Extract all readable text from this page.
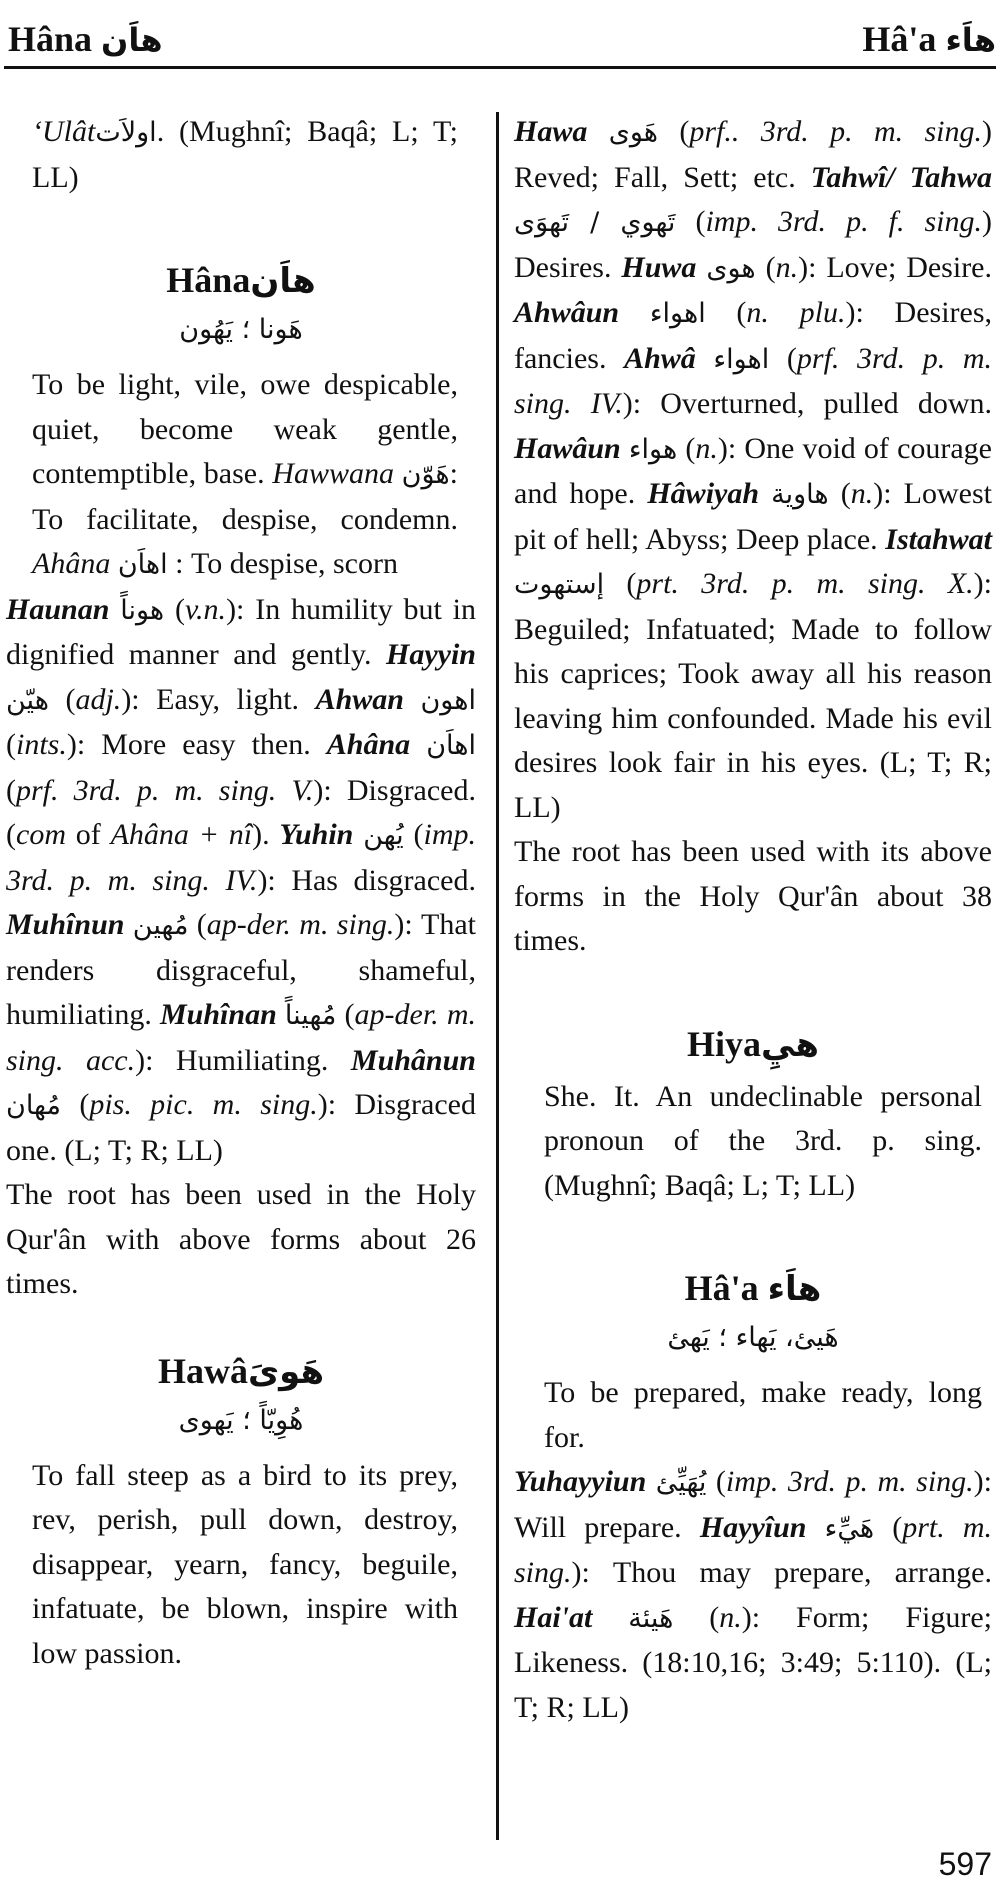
Hâna هاَن	Hâ'a هاَء

‘Ulâtاولاَت. (Mughnî; Baqâ; L; T; LL)

Hânaهاَن

هَونا ؛ يَهُون

To be light, vile, owe despicable, quiet, become weak gentle, contemptible, base. Hawwana هَوّن: To facilitate, despise, condemn. Ahâna اهاَن : To despise, scorn

Haunan هوناً (v.n.): In humility but in dignified manner and gently. Hayyin هيّن (adj.): Easy, light. Ahwan اهون (ints.): More easy then. Ahâna اهاَن (prf. 3rd. p. m. sing. V.): Disgraced. (com of Ahâna + nî). Yuhin يُهن (imp. 3rd. p. m. sing. IV.): Has disgraced. Muhînun مُهين (ap-der. m. sing.): That renders disgraceful, shameful, humiliating. Muhînan مُهيناً (ap-der. m. sing. acc.): Humiliating. Muhânun مُهان (pis. pic. m. sing.): Disgraced one. (L; T; R; LL)

The root has been used in the Holy Qur'ân with above forms about 26 times.

Hawâهَوىَ

هُوِيّاً ؛ يَهوى

To fall steep as a bird to its prey, rev, perish, pull down, destroy, disappear, yearn, fancy, beguile, infatuate, be blown, inspire with low passion.

Hawa هَوى (prf.. 3rd. p. m. sing.) Reved; Fall, Sett; etc. Tahwî/ Tahwa تَهوي / تَهوَى (imp. 3rd. p. f. sing.) Desires. Huwa هوى (n.): Love; Desire. Ahwâun اهواء (n. plu.): Desires, fancies. Ahwâ اهواء (prf. 3rd. p. m. sing. IV.): Overturned, pulled down. Hawâun هواء (n.): One void of courage and hope. Hâwiyah هاوية (n.): Lowest pit of hell; Abyss; Deep place. Istahwat إستهوت (prt. 3rd. p. m. sing. X.): Beguiled; Infatuated; Made to follow his caprices; Took away all his reason leaving him confounded. Made his evil desires look fair in his eyes. (L; T; R; LL)

The root has been used with its above forms in the Holy Qur'ân about 38 times.

Hiyaهيِ

She. It. An undeclinable personal pronoun of the 3rd. p. sing. (Mughnî; Baqâ; L; T; LL)

Hâ'a هاَء

هَيئ، يَهاء ؛ يَهئ

To be prepared, make ready, long for.

Yuhayyiun يُهَيِّئ (imp. 3rd. p. m. sing.): Will prepare. Hayyîun هَيِّء (prt. m. sing.): Thou may prepare, arrange. Hai'at هَيئة (n.): Form; Figure; Likeness. (18:10,16; 3:49; 5:110). (L; T; R; LL)

597
